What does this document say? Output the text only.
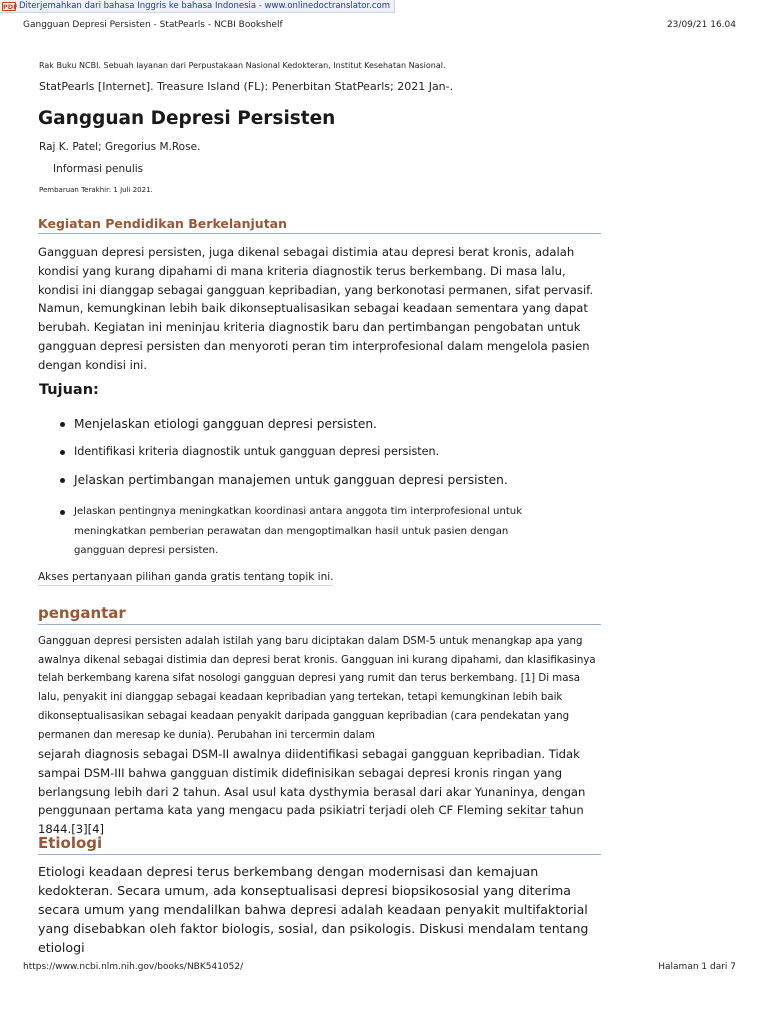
PDF Diterjemahkan dari bahasa Inggris ke bahasa Indonesia - www.onlinedoctranslator.com
Gangguan Depresi Persisten - StatPearls - NCBI Bookshelf	23/09/21 16.04
Rak Buku NCBI. Sebuah layanan dari Perpustakaan Nasional Kedokteran, Institut Kesehatan Nasional.
StatPearls [Internet]. Treasure Island (FL): Penerbitan StatPearls; 2021 Jan-.
Gangguan Depresi Persisten
Raj K. Patel; Gregorius M.Rose.
Informasi penulis
Pembaruan Terakhir: 1 Juli 2021.
Kegiatan Pendidikan Berkelanjutan

Gangguan depresi persisten, juga dikenal sebagai distimia atau depresi berat kronis, adalah kondisi yang kurang dipahami di mana kriteria diagnostik terus berkembang. Di masa lalu, kondisi ini dianggap sebagai gangguan kepribadian, yang berkonotasi permanen, sifat pervasif. Namun, kemungkinan lebih baik dikonseptualisasikan sebagai keadaan sementara yang dapat berubah. Kegiatan ini meninjau kriteria diagnostik baru dan pertimbangan pengobatan untuk gangguan depresi persisten dan menyoroti peran tim interprofesional dalam mengelola pasien dengan kondisi ini.

Tujuan:
Menjelaskan etiologi gangguan depresi persisten.
Identifikasi kriteria diagnostik untuk gangguan depresi persisten.
Jelaskan pertimbangan manajemen untuk gangguan depresi persisten.
Jelaskan pentingnya meningkatkan koordinasi antara anggota tim interprofesional untuk meningkatkan pemberian perawatan dan mengoptimalkan hasil untuk pasien dengan gangguan depresi persisten.
Akses pertanyaan pilihan ganda gratis tentang topik ini.
pengantar

Gangguan depresi persisten adalah istilah yang baru diciptakan dalam DSM-5 untuk menangkap apa yang awalnya dikenal sebagai distimia dan depresi berat kronis. Gangguan ini kurang dipahami, dan klasifikasinya telah berkembang karena sifat nosologi gangguan depresi yang rumit dan terus berkembang. [1] Di masa lalu, penyakit ini dianggap sebagai keadaan kepribadian yang tertekan, tetapi kemungkinan lebih baik dikonseptualisasikan sebagai keadaan penyakit daripada gangguan kepribadian (cara pendekatan yang permanen dan meresap ke dunia). Perubahan ini tercermin dalam

sejarah diagnosis sebagai DSM-II awalnya diidentifikasi sebagai gangguan kepribadian. Tidak sampai DSM-III bahwa gangguan distimik didefinisikan sebagai depresi kronis ringan yang berlangsung lebih dari 2 tahun. Asal usul kata dysthymia berasal dari akar Yunaninya, dengan penggunaan pertama kata yang mengacu pada psikiatri terjadi oleh CF Fleming sekitar tahun 1844.[3][4]

Etiologi

Etiologi keadaan depresi terus berkembang dengan modernisasi dan kemajuan kedokteran. Secara umum, ada konseptualisasi depresi biopsikososial yang diterima secara umum yang mendalilkan bahwa depresi adalah keadaan penyakit multifaktorial yang disebabkan oleh faktor biologis, sosial, dan psikologis. Diskusi mendalam tentang etiologi

https://www.ncbi.nlm.nih.gov/books/NBK541052/	Halaman 1 dari 7
